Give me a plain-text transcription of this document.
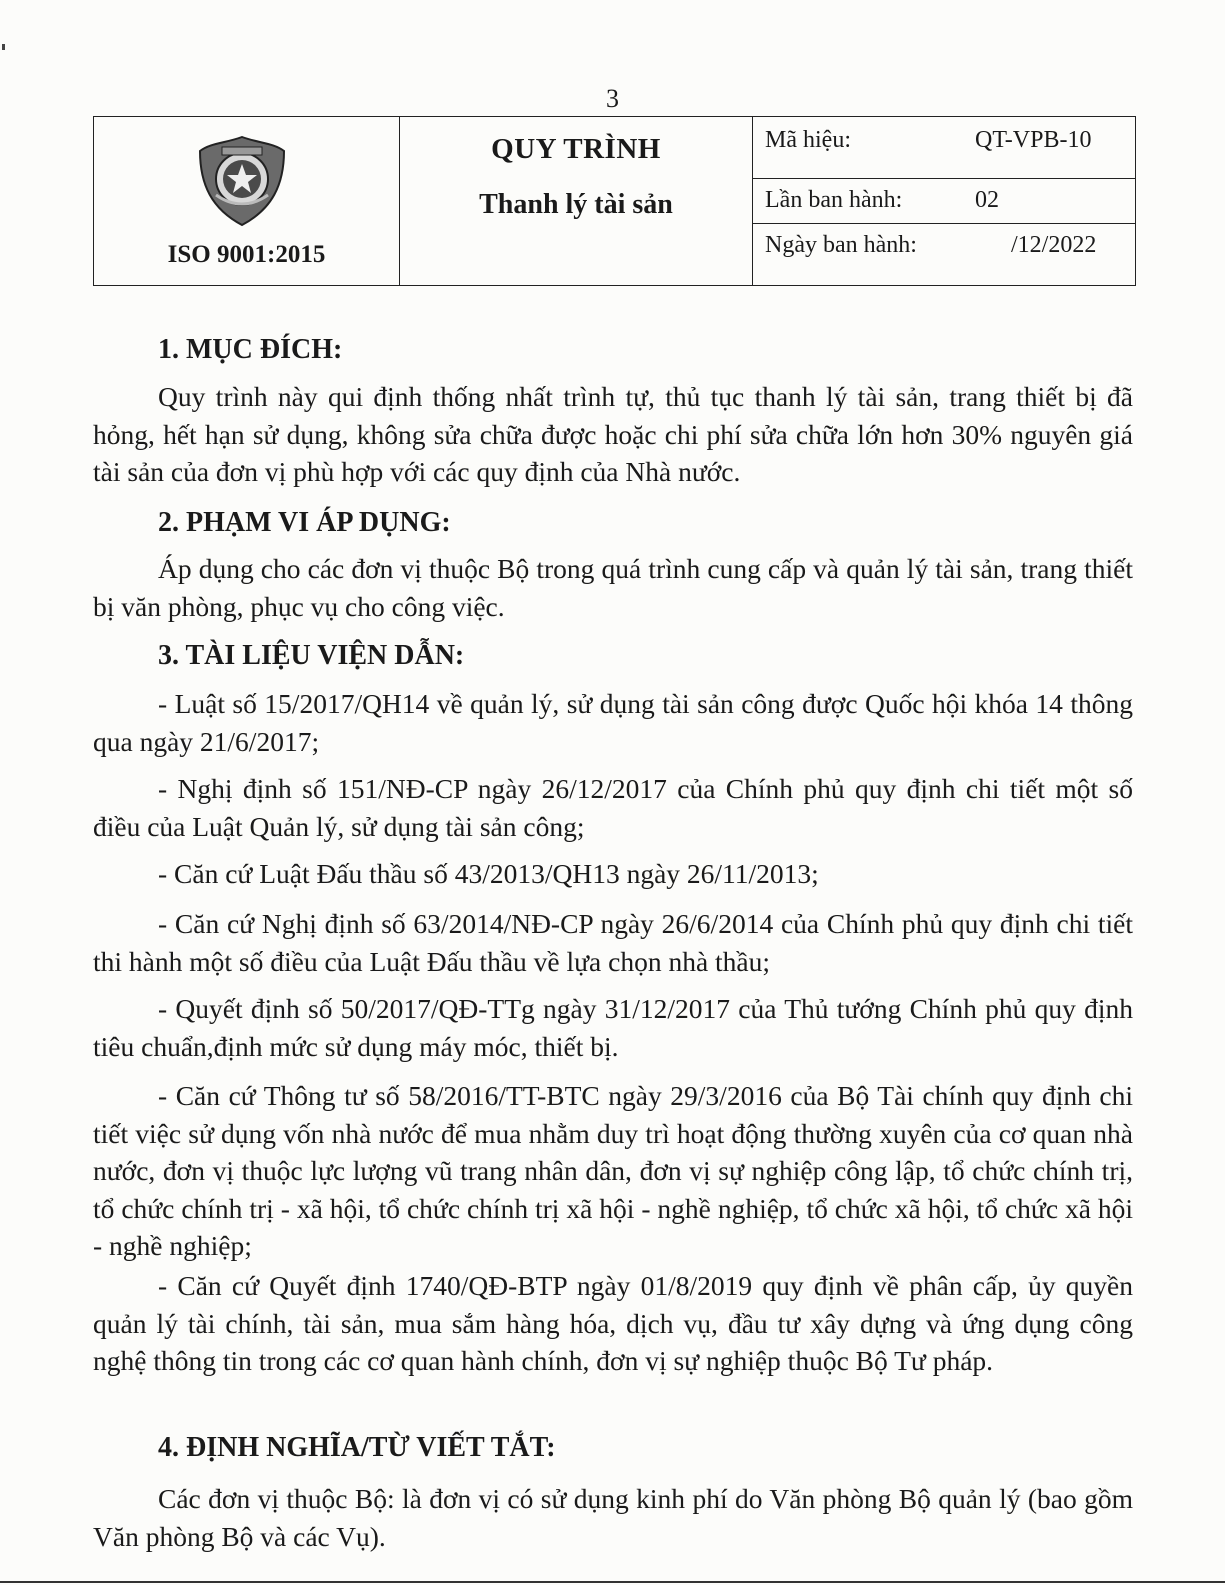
3
ISO 9001:2015

QUY TRÌNH
Thanh lý tài sản

Mã hiệu:	QT-VPB-10
Lần ban hành:	02
Ngày ban hành:	/12/2022
1. MỤC ĐÍCH:

Quy trình này qui định thống nhất trình tự, thủ tục thanh lý tài sản, trang thiết bị đã hỏng, hết hạn sử dụng, không sửa chữa được hoặc chi phí sửa chữa lớn hơn 30% nguyên giá tài sản của đơn vị phù hợp với các quy định của Nhà nước.

2. PHẠM VI ÁP DỤNG:

Áp dụng cho các đơn vị thuộc Bộ trong quá trình cung cấp và quản lý tài sản, trang thiết bị văn phòng, phục vụ cho công việc.

3. TÀI LIỆU VIỆN DẪN:

- Luật số 15/2017/QH14 về quản lý, sử dụng tài sản công được Quốc hội khóa 14 thông qua ngày 21/6/2017;

- Nghị định số 151/NĐ-CP ngày 26/12/2017 của Chính phủ quy định chi tiết một số điều của Luật Quản lý, sử dụng tài sản công;

- Căn cứ Luật Đấu thầu số 43/2013/QH13 ngày 26/11/2013;

- Căn cứ Nghị định số 63/2014/NĐ-CP ngày 26/6/2014 của Chính phủ quy định chi tiết thi hành một số điều của Luật Đấu thầu về lựa chọn nhà thầu;

- Quyết định số 50/2017/QĐ-TTg ngày 31/12/2017 của Thủ tướng Chính phủ quy định tiêu chuẩn,định mức sử dụng máy móc, thiết bị.

- Căn cứ Thông tư số 58/2016/TT-BTC ngày 29/3/2016 của Bộ Tài chính quy định chi tiết việc sử dụng vốn nhà nước để mua nhằm duy trì hoạt động thường xuyên của cơ quan nhà nước, đơn vị thuộc lực lượng vũ trang nhân dân, đơn vị sự nghiệp công lập, tổ chức chính trị, tổ chức chính trị - xã hội, tổ chức chính trị xã hội - nghề nghiệp, tổ chức xã hội, tổ chức xã hội - nghề nghiệp;

- Căn cứ Quyết định 1740/QĐ-BTP ngày 01/8/2019 quy định về phân cấp, ủy quyền quản lý tài chính, tài sản, mua sắm hàng hóa, dịch vụ, đầu tư xây dựng và ứng dụng công nghệ thông tin trong các cơ quan hành chính, đơn vị sự nghiệp thuộc Bộ Tư pháp.

4. ĐỊNH NGHĨA/TỪ VIẾT TẮT:

Các đơn vị thuộc Bộ: là đơn vị có sử dụng kinh phí do Văn phòng Bộ quản lý (bao gồm Văn phòng Bộ và các Vụ).
